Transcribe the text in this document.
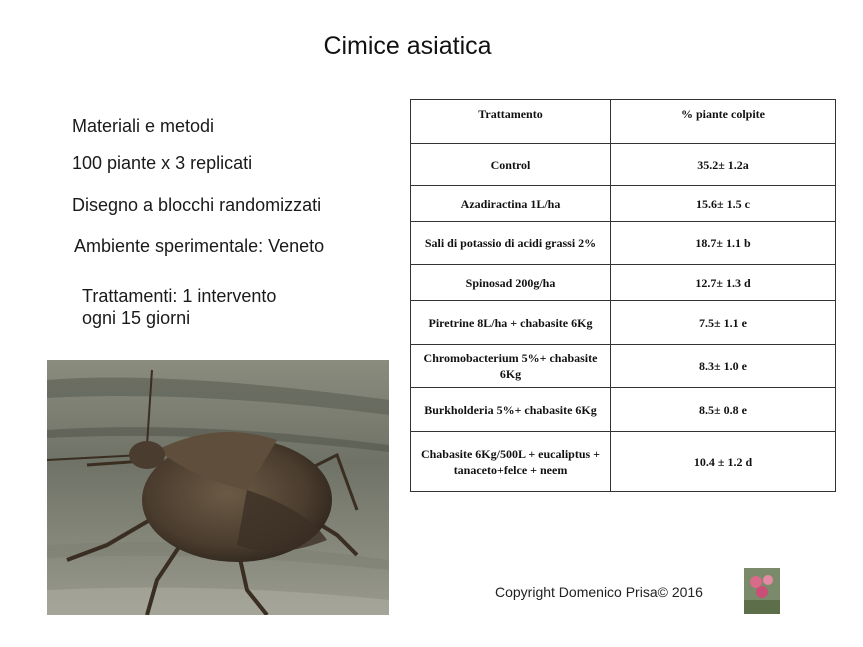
Cimice asiatica
Materiali e metodi
100 piante x 3 replicati
Disegno a blocchi randomizzati
Ambiente sperimentale: Veneto
Trattamenti: 1 intervento
ogni 15 giorni
Trattamento	% piante colpite
Control	35.2± 1.2a
Azadiractina 1L/ha	15.6± 1.5 c
Sali di potassio di acidi grassi 2%	18.7± 1.1 b
Spinosad 200g/ha	12.7± 1.3 d
Piretrine 8L/ha + chabasite 6Kg	7.5± 1.1 e
Chromobacterium 5%+ chabasite 6Kg	8.3± 1.0 e
Burkholderia 5%+ chabasite 6Kg	8.5± 0.8 e
Chabasite 6Kg/500L + eucaliptus + tanaceto+felce + neem	10.4 ± 1.2 d
Copyright Domenico Prisa© 2016
